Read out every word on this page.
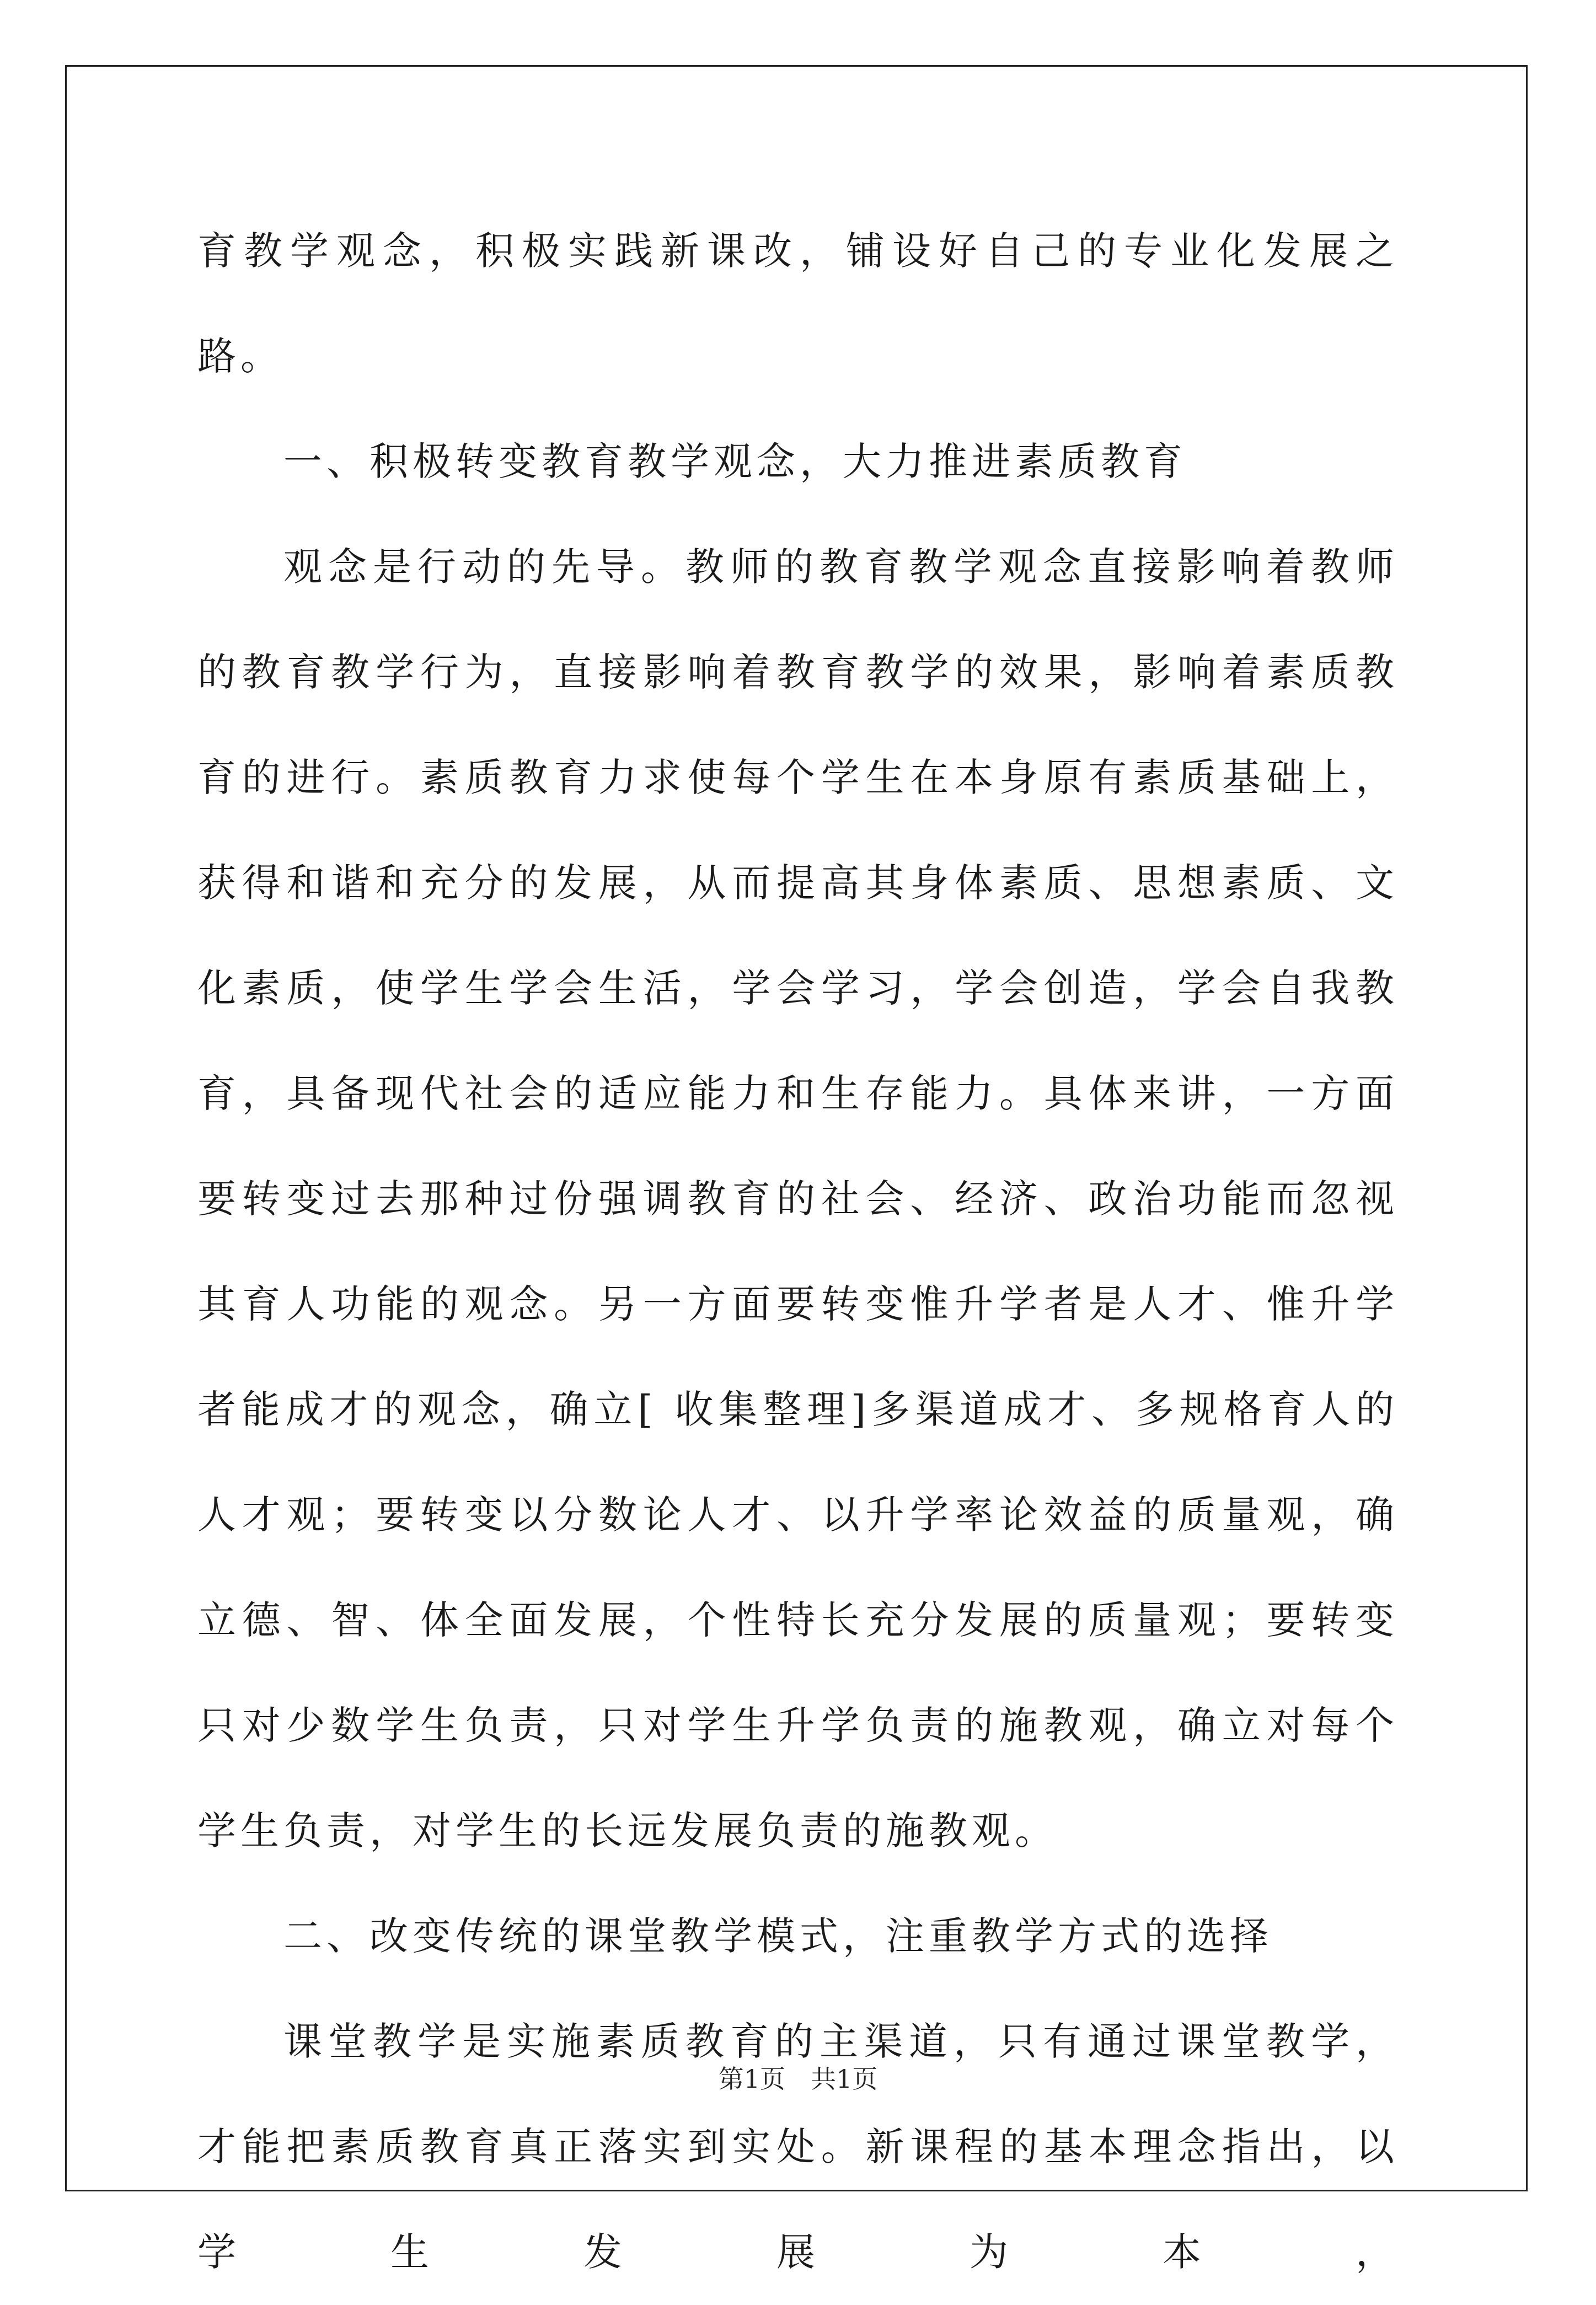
育教学观念，积极实践新课改，铺设好自己的专业化发展之路。

一、积极转变教育教学观念，大力推进素质教育

观念是行动的先导。教师的教育教学观念直接影响着教师的教育教学行为，直接影响着教育教学的效果，影响着素质教育的进行。素质教育力求使每个学生在本身原有素质基础上，获得和谐和充分的发展，从而提高其身体素质、思想素质、文化素质，使学生学会生活，学会学习，学会创造，学会自我教育，具备现代社会的适应能力和生存能力。具体来讲，一方面要转变过去那种过份强调教育的社会、经济、政治功能而忽视其育人功能的观念。另一方面要转变惟升学者是人才、惟升学者能成才的观念，确立[ 收集整理]多渠道成才、多规格育人的人才观；要转变以分数论人才、以升学率论效益的质量观，确立德、智、体全面发展，个性特长充分发展的质量观；要转变只对少数学生负责，只对学生升学负责的施教观，确立对每个学生负责，对学生的长远发展负责的施教观。

二、改变传统的课堂教学模式，注重教学方式的选择

课堂教学是实施素质教育的主渠道，只有通过课堂教学，才能把素质教育真正落实到实处。新课程的基本理念指出，以学生发展为本，

第1页 共1页
